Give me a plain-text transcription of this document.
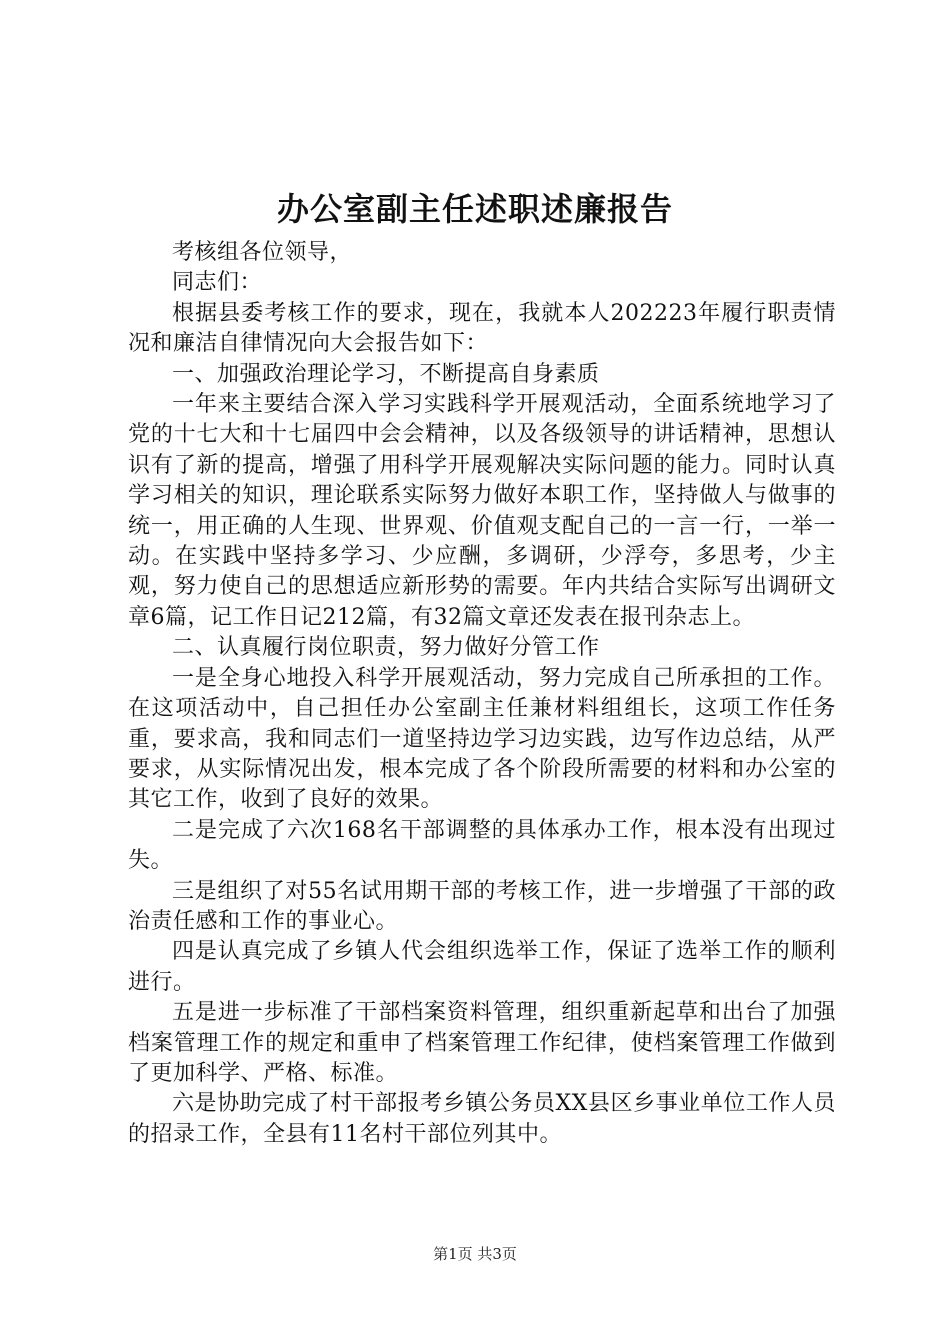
办公室副主任述职述廉报告

考核组各位领导，

同志们：

根据县委考核工作的要求，现在，我就本人202223年履行职责情况和廉洁自律情况向大会报告如下：

一、加强政治理论学习，不断提高自身素质

一年来主要结合深入学习实践科学开展观活动，全面系统地学习了党的十七大和十七届四中会会精神，以及各级领导的讲话精神，思想认识有了新的提高，增强了用科学开展观解决实际问题的能力。同时认真学习相关的知识，理论联系实际努力做好本职工作，坚持做人与做事的统一，用正确的人生现、世界观、价值观支配自己的一言一行，一举一动。在实践中坚持多学习、少应酬，多调研，少浮夸，多思考，少主观，努力使自己的思想适应新形势的需要。年内共结合实际写出调研文章6篇，记工作日记212篇，有32篇文章还发表在报刊杂志上。

二、认真履行岗位职责，努力做好分管工作

一是全身心地投入科学开展观活动，努力完成自己所承担的工作。在这项活动中，自己担任办公室副主任兼材料组组长，这项工作任务重，要求高，我和同志们一道坚持边学习边实践，边写作边总结，从严要求，从实际情况出发，根本完成了各个阶段所需要的材料和办公室的其它工作，收到了良好的效果。

二是完成了六次168名干部调整的具体承办工作，根本没有出现过失。

三是组织了对55名试用期干部的考核工作，进一步增强了干部的政治责任感和工作的事业心。

四是认真完成了乡镇人代会组织选举工作，保证了选举工作的顺利进行。

五是进一步标准了干部档案资料管理，组织重新起草和出台了加强档案管理工作的规定和重申了档案管理工作纪律，使档案管理工作做到了更加科学、严格、标准。

六是协助完成了村干部报考乡镇公务员XX县区乡事业单位工作人员的招录工作，全县有11名村干部位列其中。

第1页 共3页
